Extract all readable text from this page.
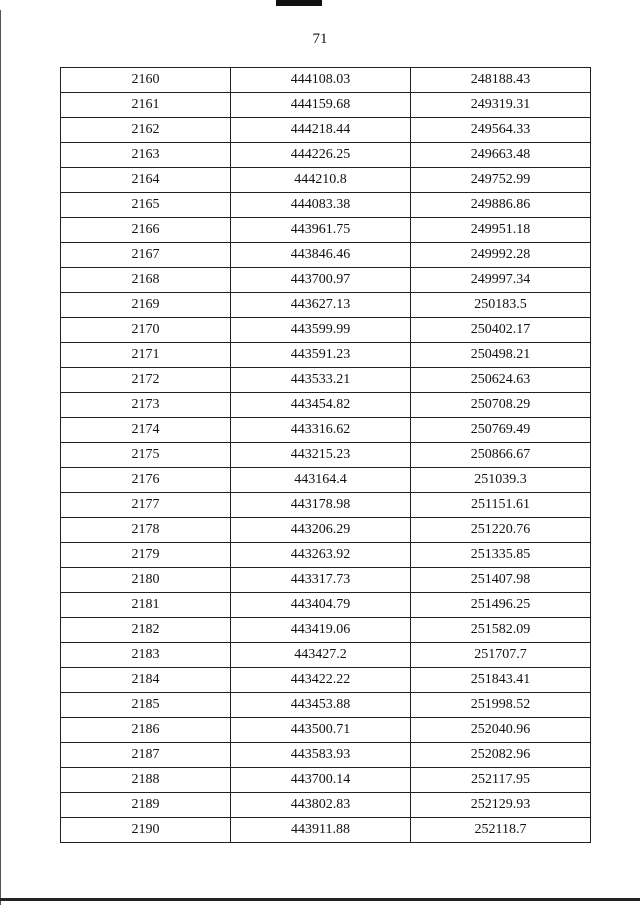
71
2160	444108.03	248188.43
2161	444159.68	249319.31
2162	444218.44	249564.33
2163	444226.25	249663.48
2164	444210.8	249752.99
2165	444083.38	249886.86
2166	443961.75	249951.18
2167	443846.46	249992.28
2168	443700.97	249997.34
2169	443627.13	250183.5
2170	443599.99	250402.17
2171	443591.23	250498.21
2172	443533.21	250624.63
2173	443454.82	250708.29
2174	443316.62	250769.49
2175	443215.23	250866.67
2176	443164.4	251039.3
2177	443178.98	251151.61
2178	443206.29	251220.76
2179	443263.92	251335.85
2180	443317.73	251407.98
2181	443404.79	251496.25
2182	443419.06	251582.09
2183	443427.2	251707.7
2184	443422.22	251843.41
2185	443453.88	251998.52
2186	443500.71	252040.96
2187	443583.93	252082.96
2188	443700.14	252117.95
2189	443802.83	252129.93
2190	443911.88	252118.7
